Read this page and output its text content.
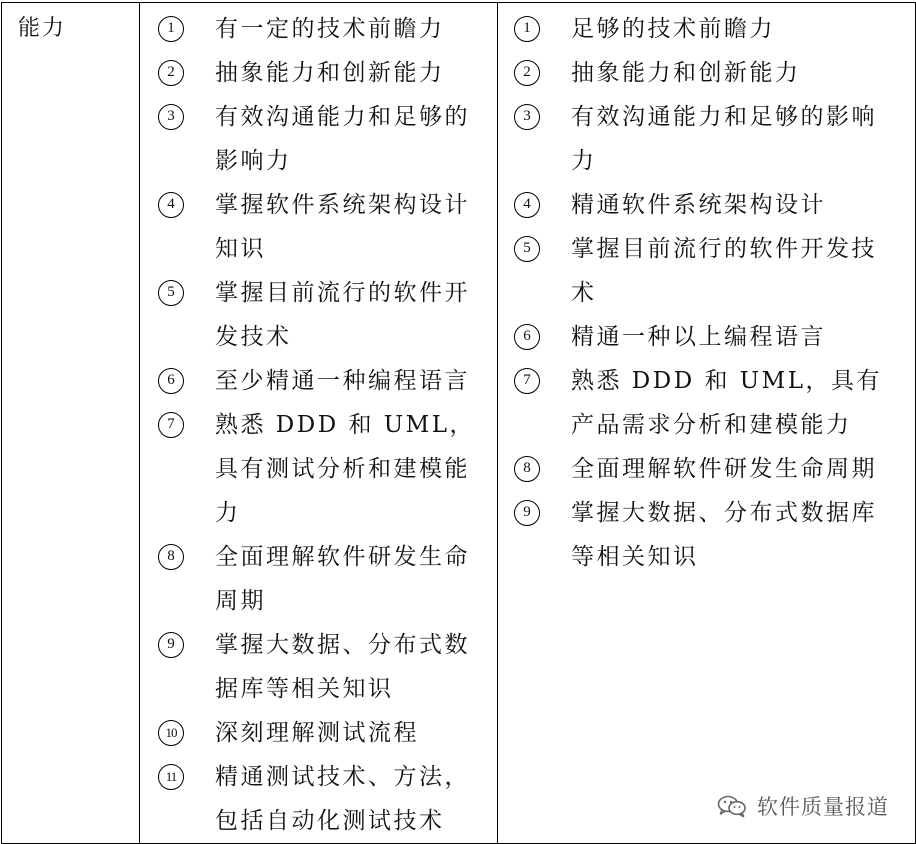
能力	1	有一定的技术前瞻力
2	抽象能力和创新能力
3	有效沟通能力和足够的影响力
4	掌握软件系统架构设计知识
5	掌握目前流行的软件开发技术
6	至少精通一种编程语言
7	熟悉 DDD 和 UML，具有测试分析和建模能力
8	全面理解软件研发生命周期
9	掌握大数据、分布式数据库等相关知识
10	深刻理解测试流程
11	精通测试技术、方法，包括自动化测试技术

1	足够的技术前瞻力
2	抽象能力和创新能力
3	有效沟通能力和足够的影响力
4	精通软件系统架构设计
5	掌握目前流行的软件开发技术
6	精通一种以上编程语言
7	熟悉 DDD 和 UML，具有产品需求分析和建模能力
8	全面理解软件研发生命周期
9	掌握大数据、分布式数据库等相关知识
软件质量报道
